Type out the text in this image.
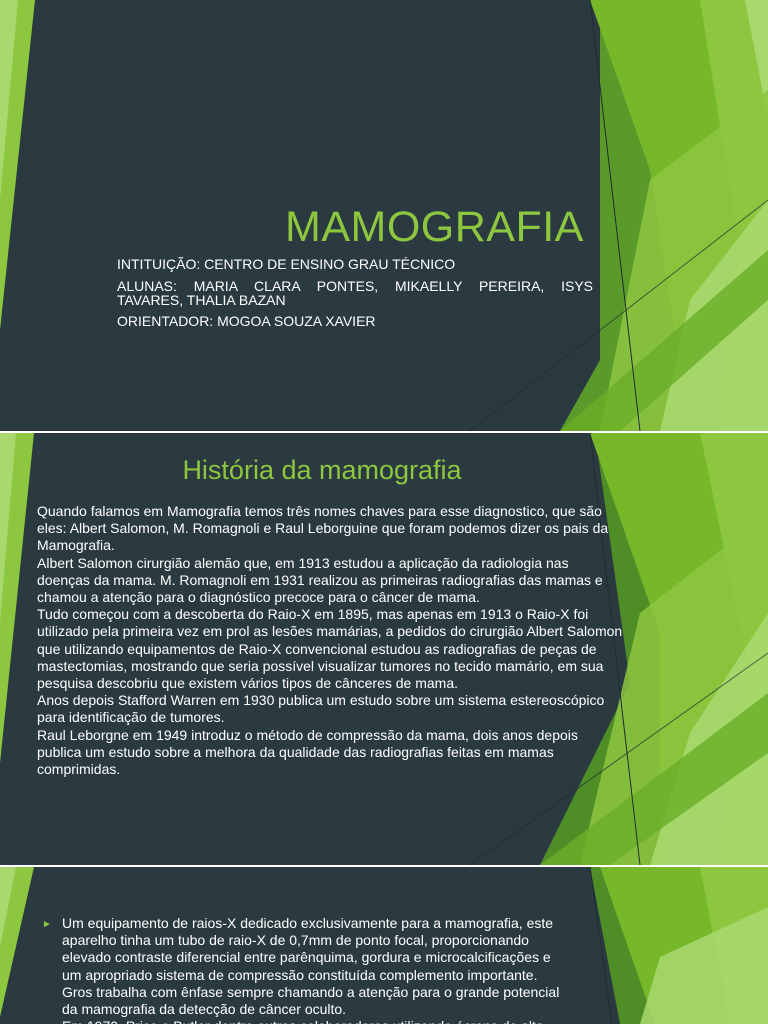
MAMOGRAFIA
INTITUIÇÃO: CENTRO DE ENSINO GRAU TÉCNICO
ALUNAS: MARIA CLARA PONTES, MIKAELLY PEREIRA, ISYS
TAVARES, THALIA BAZAN
ORIENTADOR: MOGOA SOUZA XAVIER
História da mamografia
► Quando falamos em Mamografia temos três nomes chaves para esse diagnostico, que são eles: Albert Salomon, M. Romagnoli e Raul Leborguine que foram podemos dizer os pais da Mamografia.

Albert Salomon cirurgião alemão que, em 1913 estudou a aplicação da radiologia nas doenças da mama. M. Romagnoli em 1931 realizou as primeiras radiografias das mamas e chamou a atenção para o diagnóstico precoce para o câncer de mama.

Tudo começou com a descoberta do Raio-X em 1895, mas apenas em 1913 o Raio-X foi utilizado pela primeira vez em prol as lesões mamárias, a pedidos do cirurgião Albert Salomon que utilizando equipamentos de Raio-X convencional estudou as radiografias de peças de mastectomias, mostrando que seria possível visualizar tumores no tecido mamário, em sua pesquisa descobriu que existem vários tipos de cânceres de mama.

Anos depois Stafford Warren em 1930 publica um estudo sobre um sistema estereoscópico para identificação de tumores.

Raul Leborgne em 1949 introduz o método de compressão da mama, dois anos depois publica um estudo sobre a melhora da qualidade das radiografias feitas em mamas comprimidas.

► Um equipamento de raios-X dedicado exclusivamente para a mamografia, este aparelho tinha um tubo de raio-X de 0,7mm de ponto focal, proporcionando elevado contraste diferencial entre parênquima, gordura e microcalcificações e um apropriado sistema de compressão constituída complemento importante.

Gros trabalha com ênfase sempre chamando a atenção para o grande potencial da mamografia da detecção de câncer oculto.

Em 1970, Price e Butler dentre outros colaboradores utilizando écrans de alta
